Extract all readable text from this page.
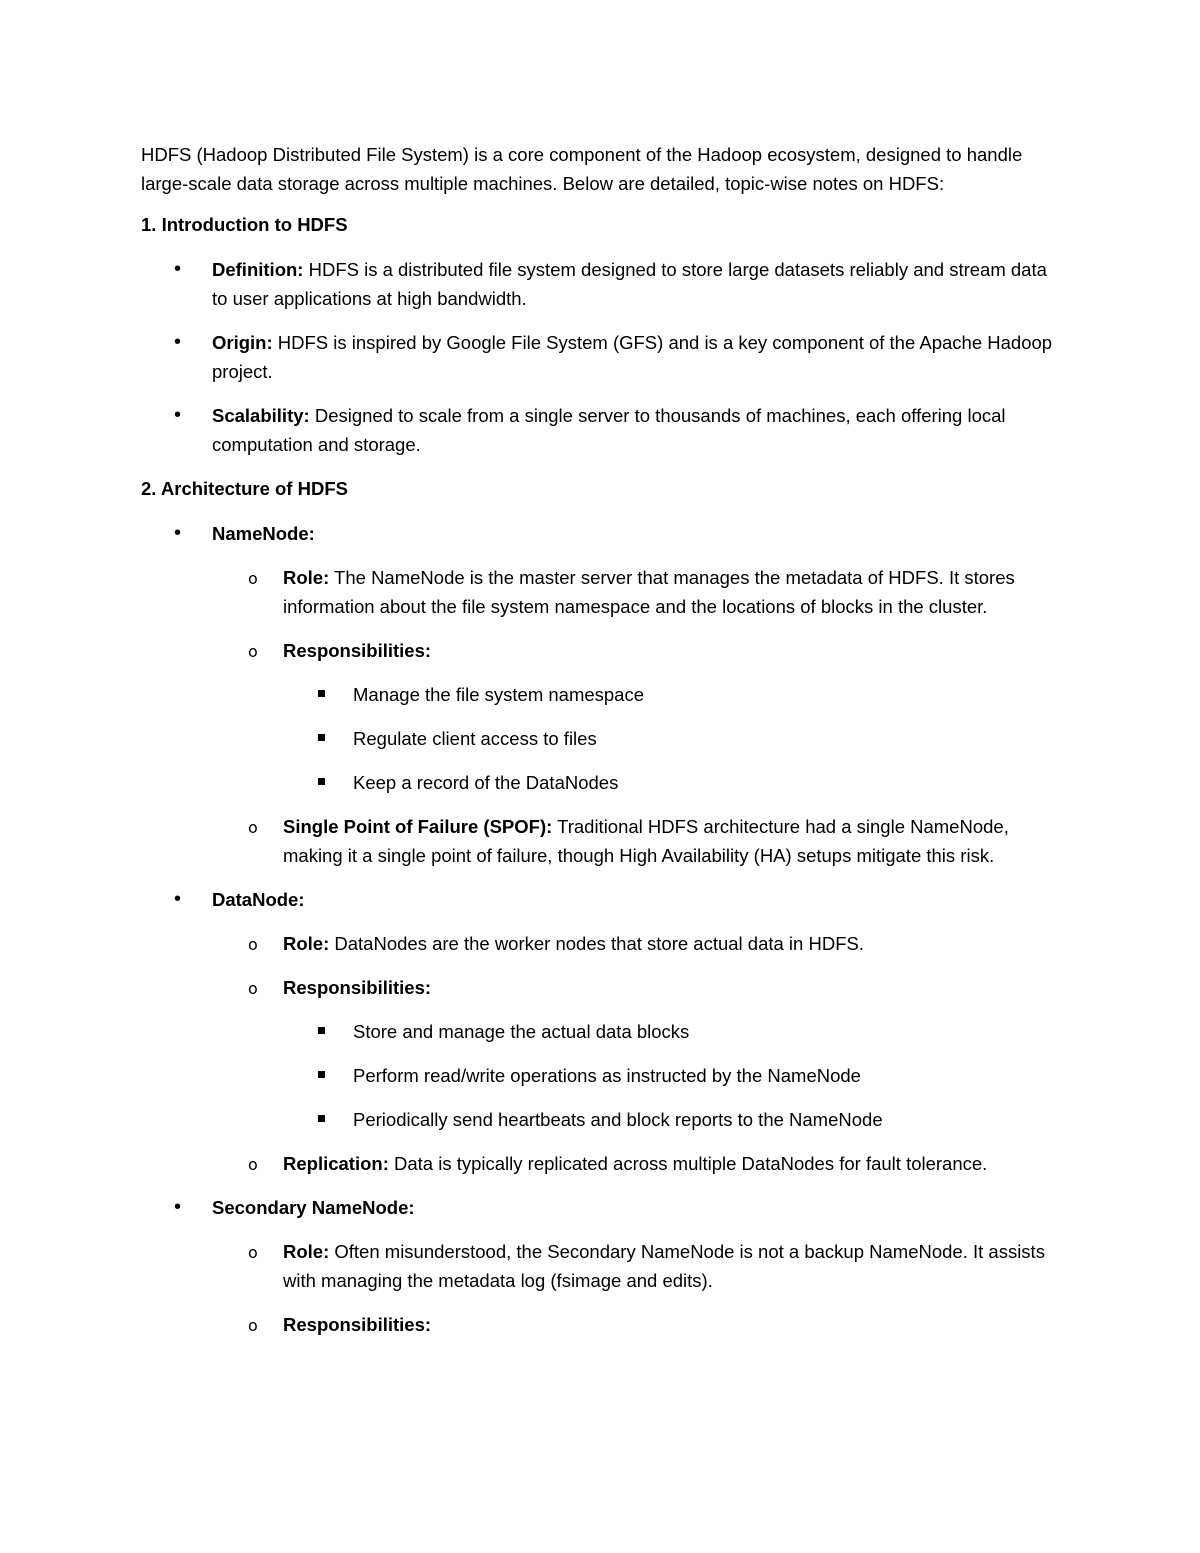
HDFS (Hadoop Distributed File System) is a core component of the Hadoop ecosystem, designed to handle large-scale data storage across multiple machines. Below are detailed, topic-wise notes on HDFS:

1. Introduction to HDFS
• Definition: HDFS is a distributed file system designed to store large datasets reliably and stream data to user applications at high bandwidth.
• Origin: HDFS is inspired by Google File System (GFS) and is a key component of the Apache Hadoop project.
• Scalability: Designed to scale from a single server to thousands of machines, each offering local computation and storage.
2. Architecture of HDFS
• NameNode:
o Role: The NameNode is the master server that manages the metadata of HDFS. It stores information about the file system namespace and the locations of blocks in the cluster.
o Responsibilities:
Manage the file system namespace
Regulate client access to files
Keep a record of the DataNodes
o Single Point of Failure (SPOF): Traditional HDFS architecture had a single NameNode, making it a single point of failure, though High Availability (HA) setups mitigate this risk.
• DataNode:
o Role: DataNodes are the worker nodes that store actual data in HDFS.
o Responsibilities:
Store and manage the actual data blocks
Perform read/write operations as instructed by the NameNode
Periodically send heartbeats and block reports to the NameNode
o Replication: Data is typically replicated across multiple DataNodes for fault tolerance.
• Secondary NameNode:
o Role: Often misunderstood, the Secondary NameNode is not a backup NameNode. It assists with managing the metadata log (fsimage and edits).
o Responsibilities:
